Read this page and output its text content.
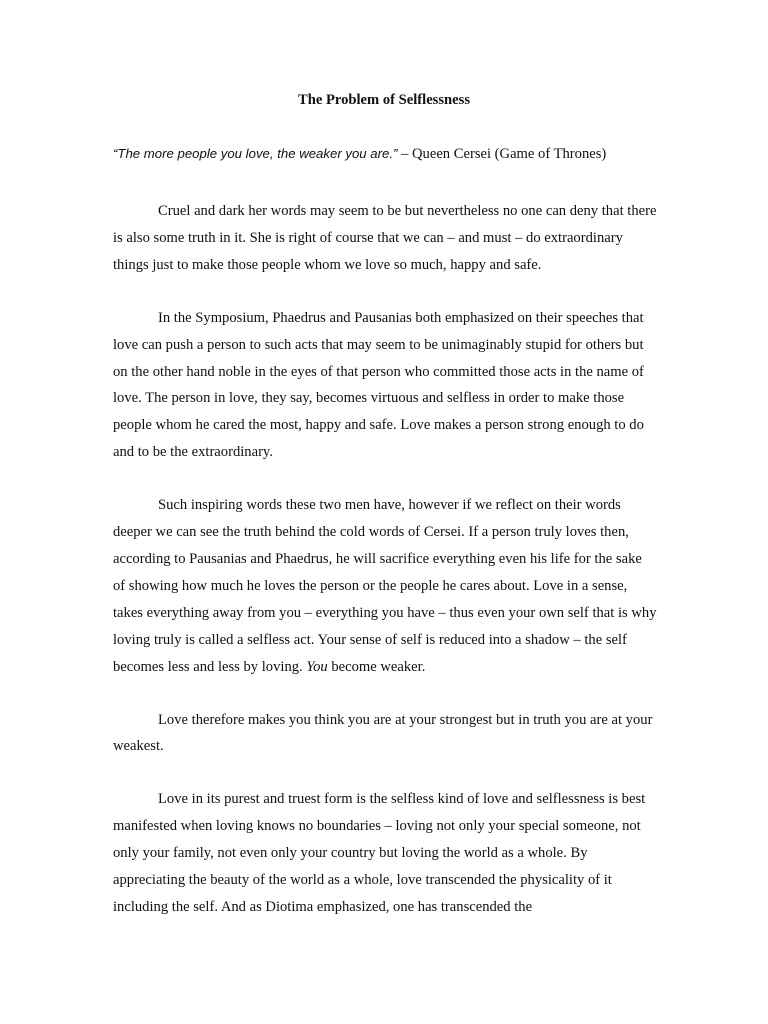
The Problem of Selflessness

“The more people you love, the weaker you are.” – Queen Cersei (Game of Thrones)

Cruel and dark her words may seem to be but nevertheless no one can deny that there is also some truth in it. She is right of course that we can – and must – do extraordinary things just to make those people whom we love so much, happy and safe.

In the Symposium, Phaedrus and Pausanias both emphasized on their speeches that love can push a person to such acts that may seem to be unimaginably stupid for others but on the other hand noble in the eyes of that person who committed those acts in the name of love. The person in love, they say, becomes virtuous and selfless in order to make those people whom he cared the most, happy and safe. Love makes a person strong enough to do and to be the extraordinary.

Such inspiring words these two men have, however if we reflect on their words deeper we can see the truth behind the cold words of Cersei. If a person truly loves then, according to Pausanias and Phaedrus, he will sacrifice everything even his life for the sake of showing how much he loves the person or the people he cares about. Love in a sense, takes everything away from you – everything you have – thus even your own self that is why loving truly is called a selfless act. Your sense of self is reduced into a shadow – the self becomes less and less by loving. You become weaker.

Love therefore makes you think you are at your strongest but in truth you are at your weakest.

Love in its purest and truest form is the selfless kind of love and selflessness is best manifested when loving knows no boundaries – loving not only your special someone, not only your family, not even only your country but loving the world as a whole. By appreciating the beauty of the world as a whole, love transcended the physicality of it including the self. And as Diotima emphasized, one has transcended the
